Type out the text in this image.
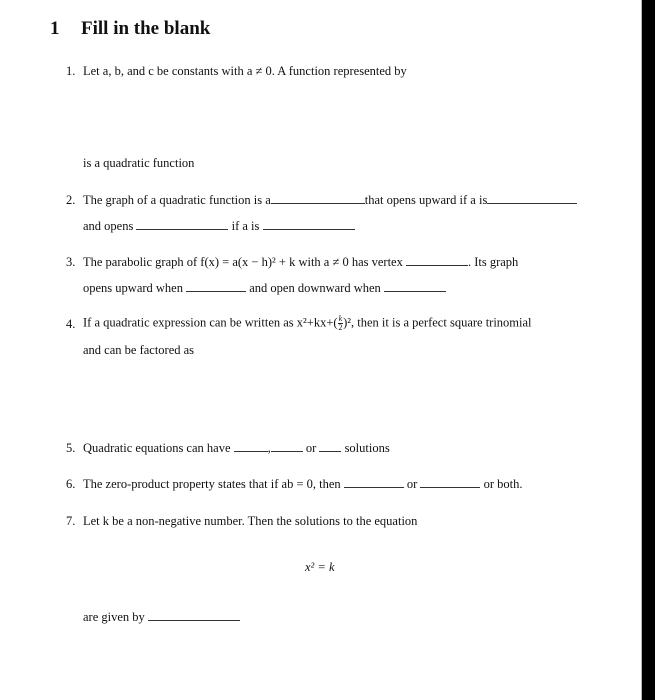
1 Fill in the blank
1. Let a, b, and c be constants with a ≠ 0. A function represented by
is a quadratic function
2. The graph of a quadratic function is a	that opens upward if a is
and opens	if a is
3. The parabolic graph of f(x) = a(x − h)² + k with a ≠ 0 has vertex	. Its graph
opens upward when	and open downward when
4. If a quadratic expression can be written as $x^2+kx+( \frac{k}{2} )^2$, then it is a perfect square trinomial
and can be factored as
5. Quadratic equations can have	,	or solutions
6. The zero-product property states that if ab = 0, then	or	or both.
7. Let k be a non-negative number. Then the solutions to the equation
x² = k
are given by
